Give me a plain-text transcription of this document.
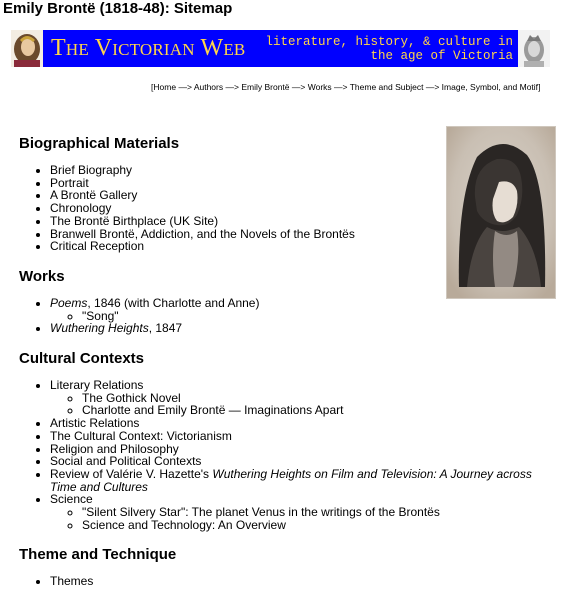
Emily Brontë (1818-48): Sitemap
The Victorian Web	literature, history, & culture in the age of Victoria
[Home —> Authors —> Emily Brontë —> Works —> Theme and Subject —> Image, Symbol, and Motif]
Biographical Materials
• Brief Biography
• Portrait
• A Brontë Gallery
• Chronology
• The Brontë Birthplace (UK Site)
• Branwell Brontë, Addiction, and the Novels of the Brontës
• Critical Reception
Works
• Poems, 1846 (with Charlotte and Anne)
◦ "Song"
• Wuthering Heights, 1847
Cultural Contexts
• Literary Relations
◦ The Gothick Novel
◦ Charlotte and Emily Brontë — Imaginations Apart
• Artistic Relations
• The Cultural Context: Victorianism
• Religion and Philosophy
• Social and Political Contexts
• Review of Valérie V. Hazette's Wuthering Heights on Film and Television: A Journey across Time and Cultures
• Science
◦ "Silent Silvery Star": The planet Venus in the writings of the Brontës
◦ Science and Technology: An Overview
Theme and Technique
• Themes
